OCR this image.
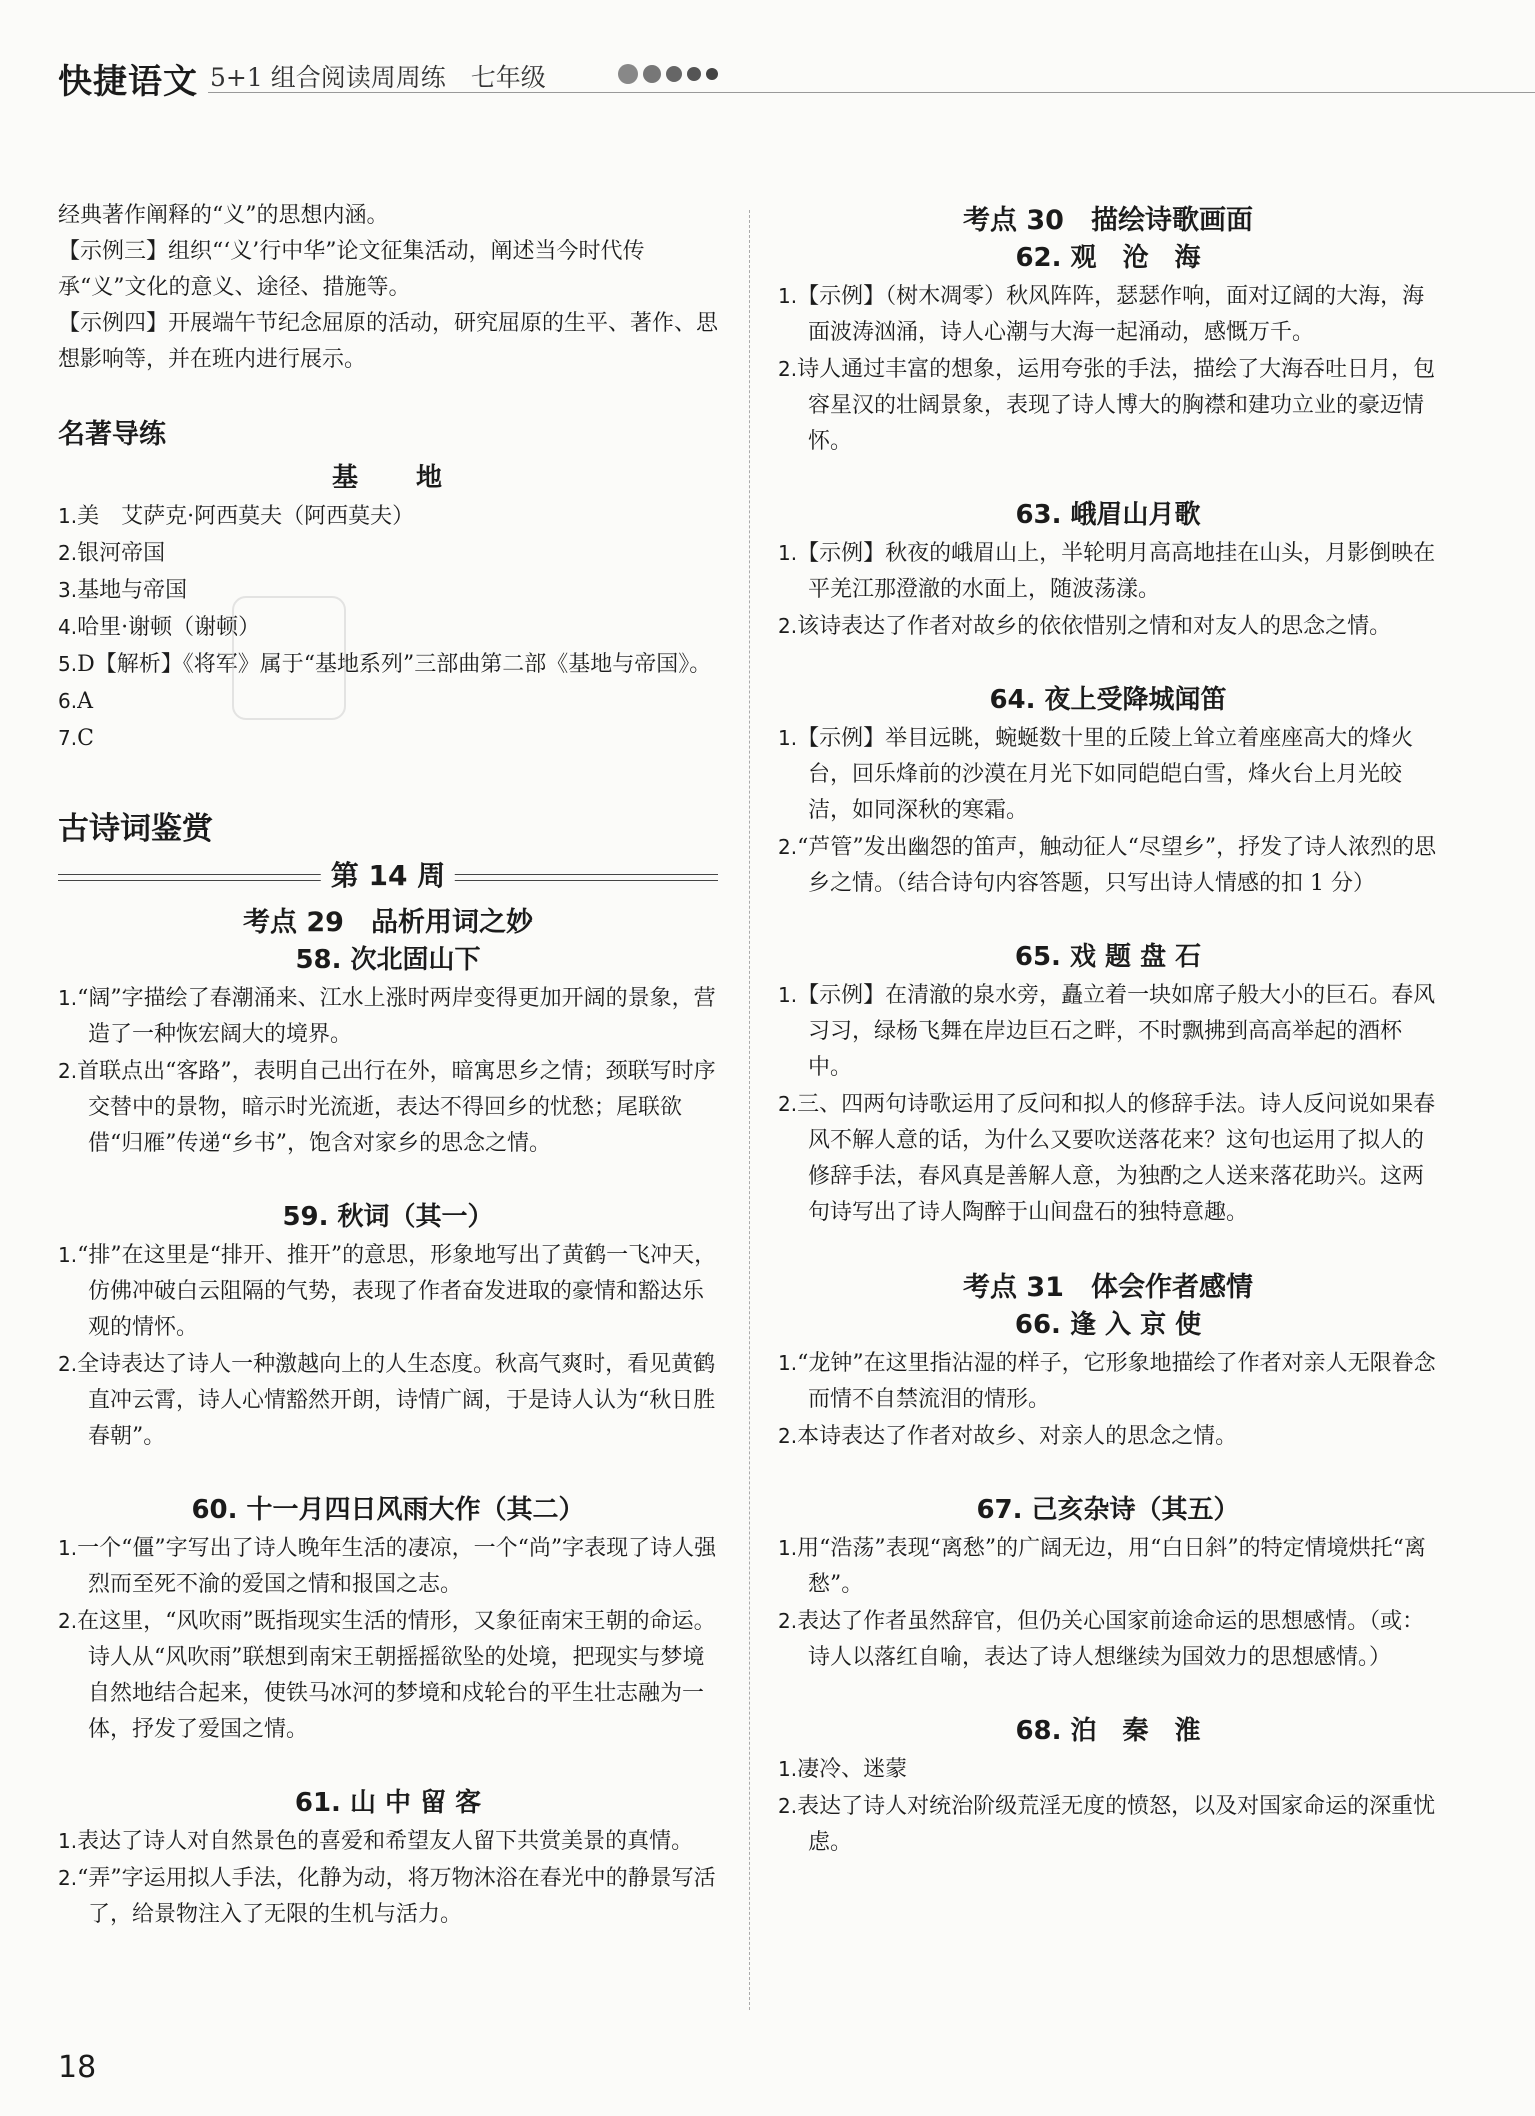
快捷语文 5+1 组合阅读周周练　七年级

经典著作阐释的“义”的思想内涵。

【示例三】组织“‘义’行中华”论文征集活动，阐述当今时代传承“义”文化的意义、途径、措施等。

【示例四】开展端午节纪念屈原的活动，研究屈原的生平、著作、思想影响等，并在班内进行展示。

名著导练
基　　地

1.美　艾萨克·阿西莫夫（阿西莫夫）

2.银河帝国

3.基地与帝国

4.哈里·谢顿（谢顿）

5.D【解析】《将军》属于“基地系列”三部曲第二部《基地与帝国》。

6.A

7.C

古诗词鉴赏
第 14 周
考点 29　品析用词之妙
58. 次北固山下

1.“阔”字描绘了春潮涌来、江水上涨时两岸变得更加开阔的景象，营造了一种恢宏阔大的境界。

2.首联点出“客路”，表明自己出行在外，暗寓思乡之情；颈联写时序交替中的景物，暗示时光流逝，表达不得回乡的忧愁；尾联欲借“归雁”传递“乡书”，饱含对家乡的思念之情。

59. 秋词（其一）

1.“排”在这里是“排开、推开”的意思，形象地写出了黄鹤一飞冲天，仿佛冲破白云阻隔的气势，表现了作者奋发进取的豪情和豁达乐观的情怀。

2.全诗表达了诗人一种激越向上的人生态度。秋高气爽时，看见黄鹤直冲云霄，诗人心情豁然开朗，诗情广阔，于是诗人认为“秋日胜春朝”。

60. 十一月四日风雨大作（其二）

1.一个“僵”字写出了诗人晚年生活的凄凉，一个“尚”字表现了诗人强烈而至死不渝的爱国之情和报国之志。

2.在这里，“风吹雨”既指现实生活的情形，又象征南宋王朝的命运。诗人从“风吹雨”联想到南宋王朝摇摇欲坠的处境，把现实与梦境自然地结合起来，使铁马冰河的梦境和戍轮台的平生壮志融为一体，抒发了爱国之情。

61. 山 中 留 客

1.表达了诗人对自然景色的喜爱和希望友人留下共赏美景的真情。

2.“弄”字运用拟人手法，化静为动，将万物沐浴在春光中的静景写活了，给景物注入了无限的生机与活力。

考点 30　描绘诗歌画面
62. 观　沧　海

1.【示例】（树木凋零）秋风阵阵，瑟瑟作响，面对辽阔的大海，海面波涛汹涌，诗人心潮与大海一起涌动，感慨万千。

2.诗人通过丰富的想象，运用夸张的手法，描绘了大海吞吐日月，包容星汉的壮阔景象，表现了诗人博大的胸襟和建功立业的豪迈情怀。

63. 峨眉山月歌

1.【示例】秋夜的峨眉山上，半轮明月高高地挂在山头，月影倒映在平羌江那澄澈的水面上，随波荡漾。

2.该诗表达了作者对故乡的依依惜别之情和对友人的思念之情。

64. 夜上受降城闻笛

1.【示例】举目远眺，蜿蜒数十里的丘陵上耸立着座座高大的烽火台，回乐烽前的沙漠在月光下如同皑皑白雪，烽火台上月光皎洁，如同深秋的寒霜。

2.“芦管”发出幽怨的笛声，触动征人“尽望乡”，抒发了诗人浓烈的思乡之情。（结合诗句内容答题，只写出诗人情感的扣 1 分）

65. 戏 题 盘 石

1.【示例】在清澈的泉水旁，矗立着一块如席子般大小的巨石。春风习习，绿杨飞舞在岸边巨石之畔，不时飘拂到高高举起的酒杯中。

2.三、四两句诗歌运用了反问和拟人的修辞手法。诗人反问说如果春风不解人意的话，为什么又要吹送落花来？这句也运用了拟人的修辞手法，春风真是善解人意，为独酌之人送来落花助兴。这两句诗写出了诗人陶醉于山间盘石的独特意趣。

考点 31　体会作者感情
66. 逢 入 京 使

1.“龙钟”在这里指沾湿的样子，它形象地描绘了作者对亲人无限眷念而情不自禁流泪的情形。

2.本诗表达了作者对故乡、对亲人的思念之情。

67. 己亥杂诗（其五）

1.用“浩荡”表现“离愁”的广阔无边，用“白日斜”的特定情境烘托“离愁”。

2.表达了作者虽然辞官，但仍关心国家前途命运的思想感情。（或：诗人以落红自喻，表达了诗人想继续为国效力的思想感情。）

68. 泊　秦　淮

1.凄冷、迷蒙

2.表达了诗人对统治阶级荒淫无度的愤怒，以及对国家命运的深重忧虑。

18
